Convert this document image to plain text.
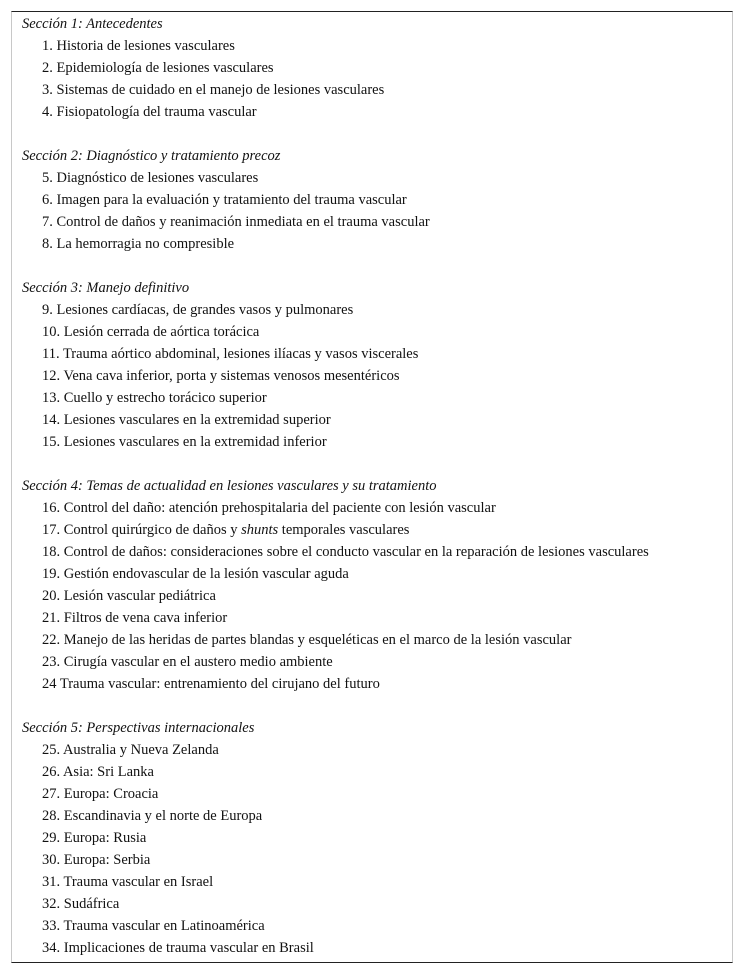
Sección 1: Antecedentes
1. Historia de lesiones vasculares
2. Epidemiología de lesiones vasculares
3. Sistemas de cuidado en el manejo de lesiones vasculares
4. Fisiopatología del trauma vascular
Sección 2: Diagnóstico y tratamiento precoz
5. Diagnóstico de lesiones vasculares
6. Imagen para la evaluación y tratamiento del trauma vascular
7. Control de daños y reanimación inmediata en el trauma vascular
8. La hemorragia no compresible
Sección 3: Manejo definitivo
9. Lesiones cardíacas, de grandes vasos y pulmonares
10. Lesión cerrada de aórtica torácica
11. Trauma aórtico abdominal, lesiones ilíacas y vasos viscerales
12. Vena cava inferior, porta y sistemas venosos mesentéricos
13. Cuello y estrecho torácico superior
14. Lesiones vasculares en la extremidad superior
15. Lesiones vasculares en la extremidad inferior
Sección 4: Temas de actualidad en lesiones vasculares y su tratamiento
16. Control del daño: atención prehospitalaria del paciente con lesión vascular
17. Control quirúrgico de daños y shunts temporales vasculares
18. Control de daños: consideraciones sobre el conducto vascular en la reparación de lesiones vasculares
19. Gestión endovascular de la lesión vascular aguda
20. Lesión vascular pediátrica
21. Filtros de vena cava inferior
22. Manejo de las heridas de partes blandas y esqueléticas en el marco de la lesión vascular
23. Cirugía vascular en el austero medio ambiente
24 Trauma vascular: entrenamiento del cirujano del futuro
Sección 5: Perspectivas internacionales
25. Australia y Nueva Zelanda
26. Asia: Sri Lanka
27. Europa: Croacia
28. Escandinavia y el norte de Europa
29. Europa: Rusia
30. Europa: Serbia
31. Trauma vascular en Israel
32. Sudáfrica
33. Trauma vascular en Latinoamérica
34. Implicaciones de trauma vascular en Brasil
